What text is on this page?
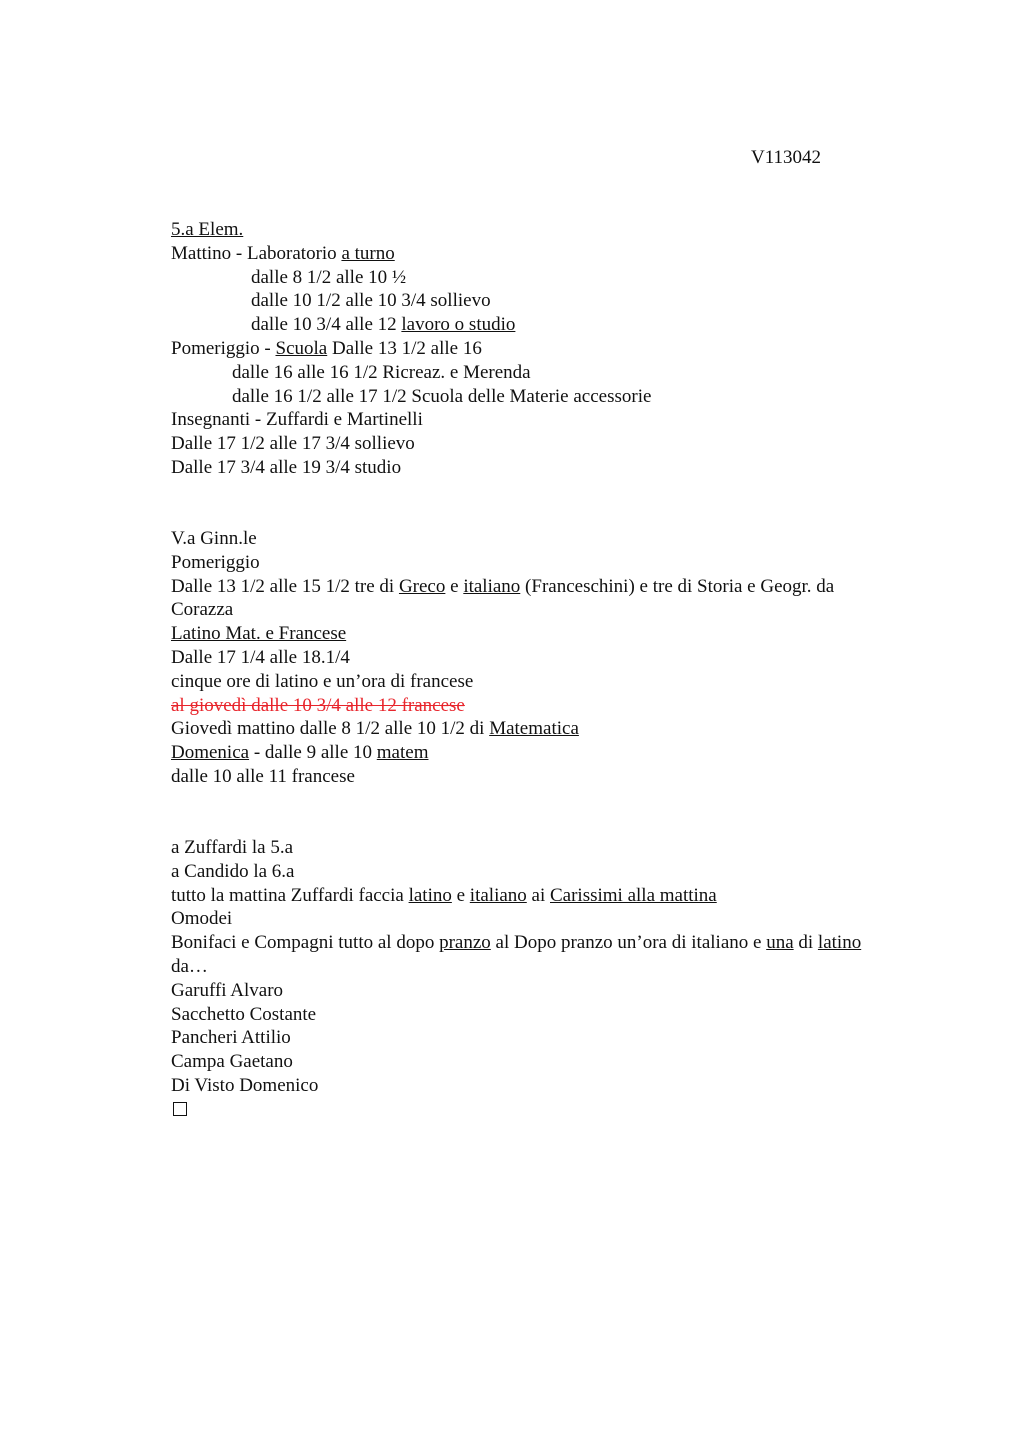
V113042
5.a Elem.
Mattino - Laboratorio a turno
dalle 8 1/2 alle 10 ½
dalle 10 1/2 alle 10 3/4 sollievo
dalle 10 3/4 alle 12 lavoro o studio
Pomeriggio - Scuola Dalle 13 1/2 alle 16
dalle 16 alle 16 1/2 Ricreaz. e Merenda
dalle 16 1/2 alle 17 1/2 Scuola delle Materie accessorie
Insegnanti - Zuffardi e Martinelli
Dalle 17 1/2 alle 17 3/4 sollievo
Dalle 17 3/4 alle 19 3/4 studio
V.a Ginn.le
Pomeriggio
Dalle 13 1/2 alle 15 1/2 tre di Greco e italiano (Franceschini) e tre di Storia e Geogr. da
Corazza
Latino Mat. e Francese
Dalle 17 1/4 alle 18.1/4
cinque ore di latino e un’ora di francese
al giovedì dalle 10 3/4 alle 12 francese
Giovedì mattino dalle 8 1/2 alle 10 1/2 di Matematica
Domenica - dalle 9 alle 10 matem
dalle 10 alle 11 francese
a Zuffardi la 5.a
a Candido la 6.a
tutto la mattina Zuffardi faccia latino e italiano ai Carissimi alla mattina
Omodei
Bonifaci e Compagni tutto al dopo pranzo al Dopo pranzo un’ora di italiano e una di latino
da…
Garuffi Alvaro
Sacchetto Costante
Pancheri Attilio
Campa Gaetano
Di Visto Domenico
